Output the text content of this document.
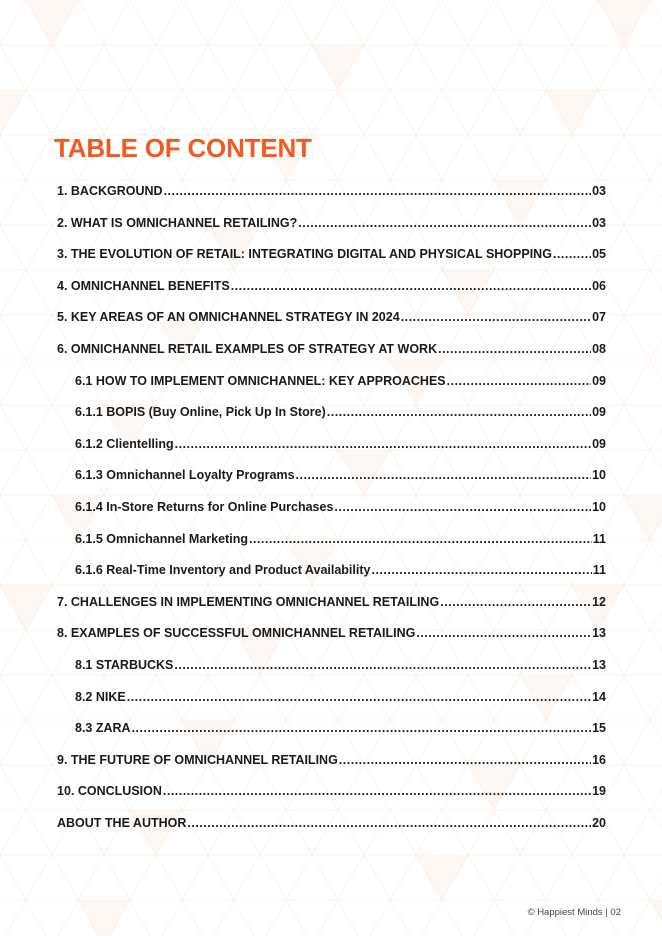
TABLE OF CONTENT
1. BACKGROUND .....	03
2. WHAT IS OMNICHANNEL RETAILING? .....	03
3. THE EVOLUTION OF RETAIL: INTEGRATING DIGITAL AND PHYSICAL SHOPPING .....	05
4. OMNICHANNEL BENEFITS .....	06
5. KEY AREAS OF AN OMNICHANNEL STRATEGY IN 2024 .....	07
6. OMNICHANNEL RETAIL EXAMPLES OF STRATEGY AT WORK .....	08
6.1 HOW TO IMPLEMENT OMNICHANNEL: KEY APPROACHES .....	09
6.1.1 BOPIS (Buy Online, Pick Up In Store) .....	09
6.1.2 Clientelling .....	09
6.1.3 Omnichannel Loyalty Programs .....	10
6.1.4 In-Store Returns for Online Purchases .....	10
6.1.5 Omnichannel Marketing .....	11
6.1.6 Real-Time Inventory and Product Availability .....	11
7. CHALLENGES IN IMPLEMENTING OMNICHANNEL RETAILING .....	12
8. EXAMPLES OF SUCCESSFUL OMNICHANNEL RETAILING .....	13
8.1 STARBUCKS .....	13
8.2 NIKE .....	14
8.3 ZARA .....	15
9. THE FUTURE OF OMNICHANNEL RETAILING .....	16
10. CONCLUSION .....	19
ABOUT THE AUTHOR .....	20
© Happiest Minds | 02
